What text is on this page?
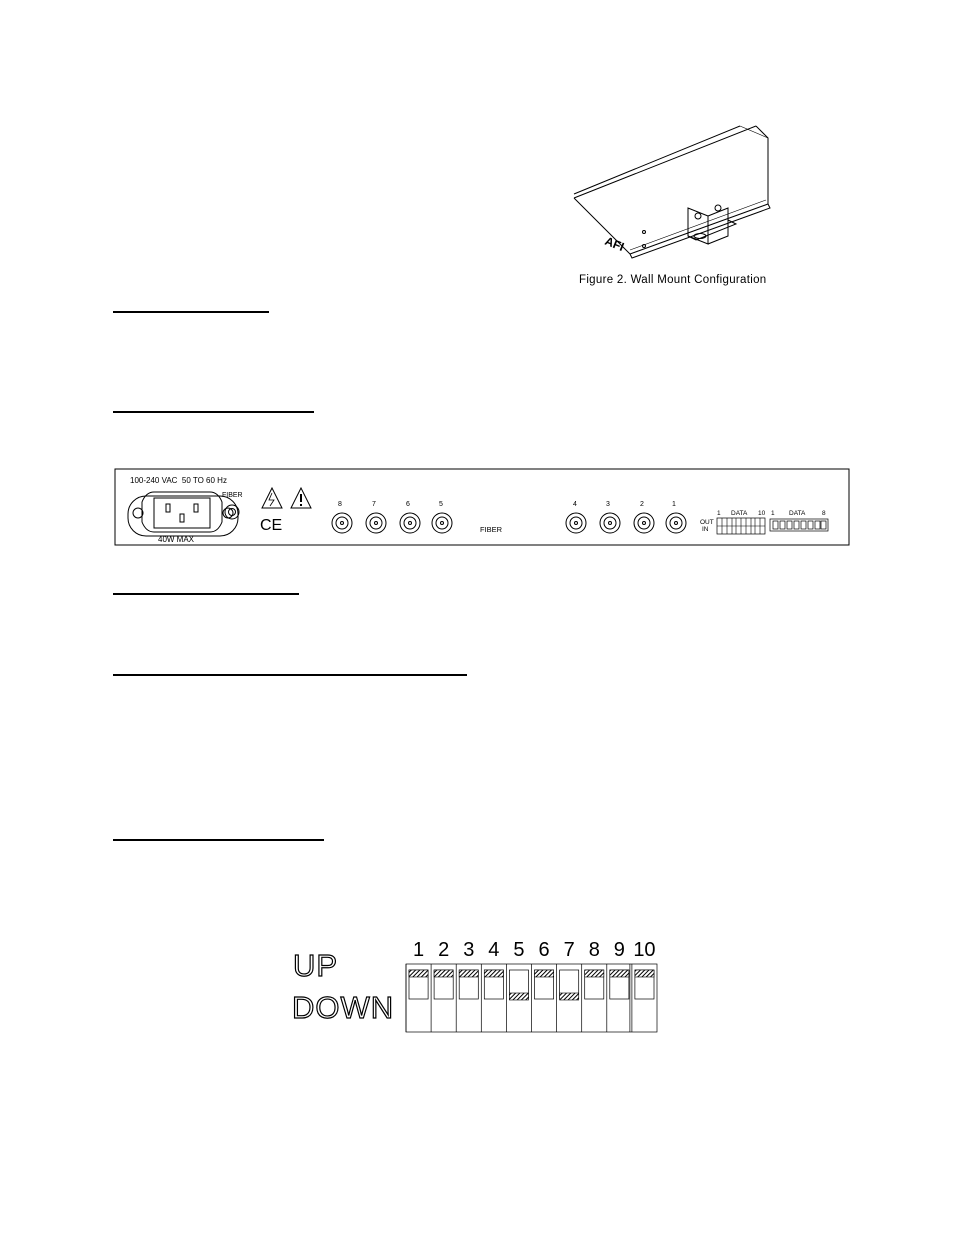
AFI
Figure 2. Wall Mount Configuration
100-240 VAC  50 TO 60 Hz
40W MAX
FIBER
CE
8	7	6	5
FIBER
4	3	2	1
1 DATA 10
OUT
IN
1 DATA	8
UP
DOWN
1 2 3 4 5 6 7 8 9 10
